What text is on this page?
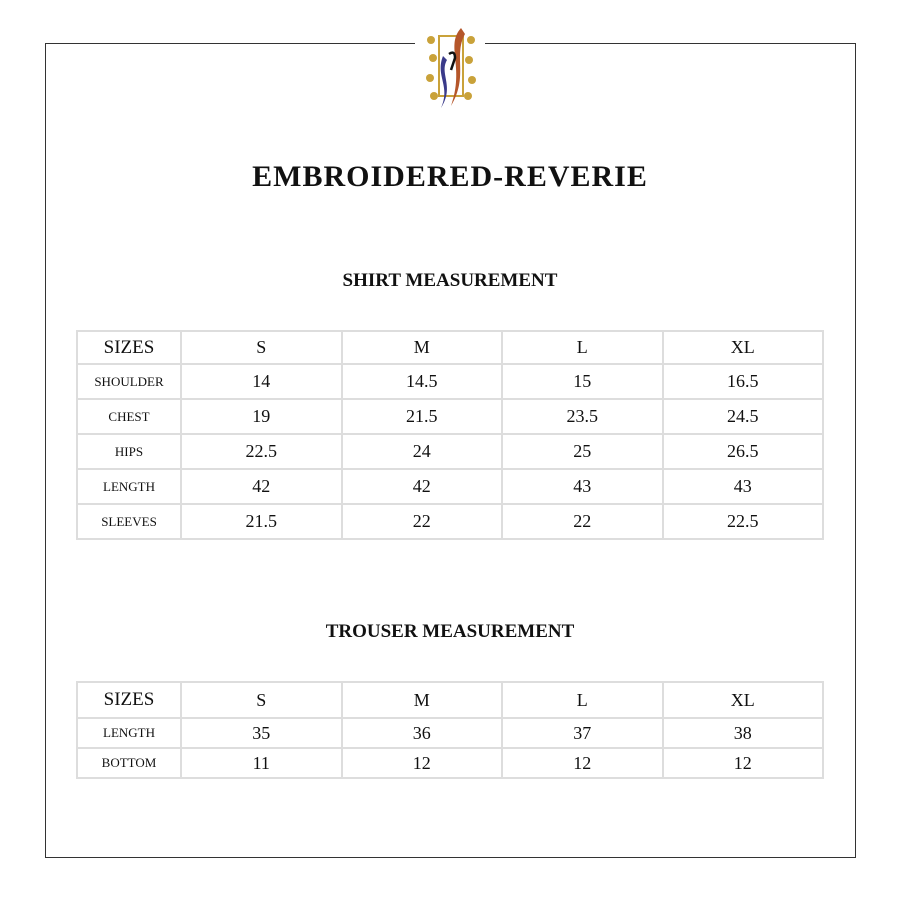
EMBROIDERED-REVERIE
SHIRT MEASUREMENT
SIZES	S	M	L	XL
SHOULDER	14	14.5	15	16.5
CHEST	19	21.5	23.5	24.5
HIPS	22.5	24	25	26.5
LENGTH	42	42	43	43
SLEEVES	21.5	22	22	22.5
TROUSER MEASUREMENT
SIZES	S	M	L	XL
LENGTH	35	36	37	38
BOTTOM	11	12	12	12
